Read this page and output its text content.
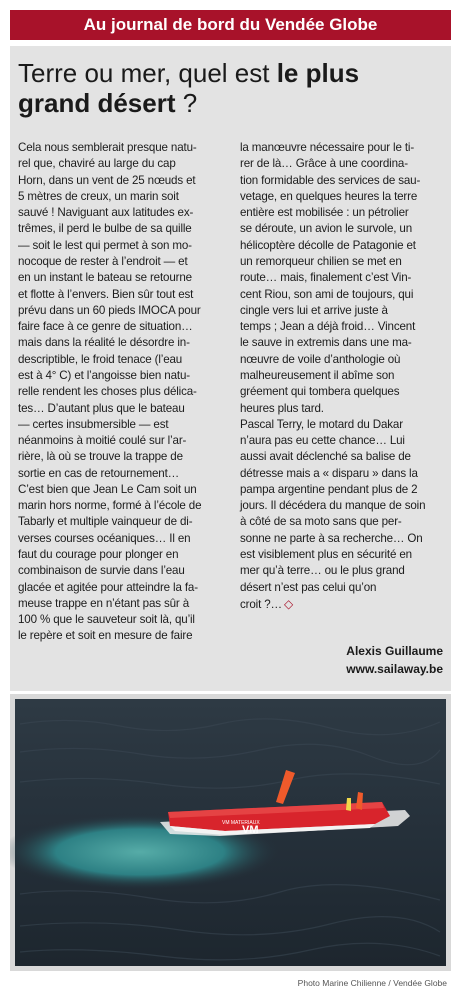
Au journal de bord du Vendée Globe
Terre ou mer, quel est le plus grand désert ?
Cela nous semblerait presque natu-
rel que, chaviré au large du cap
Horn, dans un vent de 25 nœuds et
5 mètres de creux, un marin soit
sauvé ! Naviguant aux latitudes ex-
trêmes, il perd le bulbe de sa quille
— soit le lest qui permet à son mo-
nocoque de rester à l’endroit — et
en un instant le bateau se retourne
et flotte à l’envers. Bien sûr tout est
prévu dans un 60 pieds IMOCA pour
faire face à ce genre de situation…
mais dans la réalité le désordre in-
descriptible, le froid tenace (l’eau
est à 4° C) et l’angoisse bien natu-
relle rendent les choses plus délica-
tes… D’autant plus que le bateau
— certes insubmersible — est
néanmoins à moitié coulé sur l’ar-
rière, là où se trouve la trappe de
sortie en cas de retournement…
C’est bien que Jean Le Cam soit un
marin hors norme, formé à l’école de
Tabarly et multiple vainqueur de di-
verses courses océaniques… Il en
faut du courage pour plonger en
combinaison de survie dans l’eau
glacée et agitée pour atteindre la fa-
meuse trappe en n’étant pas sûr à
100 % que le sauveteur soit là, qu’il
le repère et soit en mesure de faire
la manœuvre nécessaire pour le ti-
rer de là… Grâce à une coordina-
tion formidable des services de sau-
vetage, en quelques heures la terre
entière est mobilisée : un pétrolier
se déroute, un avion le survole, un
hélicoptère décolle de Patagonie et
un remorqueur chilien se met en
route… mais, finalement c’est Vin-
cent Riou, son ami de toujours, qui
cingle vers lui et arrive juste à
temps ; Jean a déjà froid… Vincent
le sauve in extremis dans une ma-
nœuvre de voile d’anthologie où
malheureusement il abîme son
gréement qui tombera quelques
heures plus tard.
Pascal Terry, le motard du Dakar
n’aura pas eu cette chance… Lui
aussi avait déclenché sa balise de
détresse mais a « disparu » dans la
pampa argentine pendant plus de 2
jours. Il décédera du manque de soin
à côté de sa moto sans que per-
sonne ne parte à sa recherche… On
est visiblement plus en sécurité en
mer qu’à terre… ou le plus grand
désert n’est pas celui qu’on
croit ?… ◇
Alexis Guillaume
www.sailaway.be
VM MATERIAUX
VM
Photo Marine Chilienne / Vendée Globe
